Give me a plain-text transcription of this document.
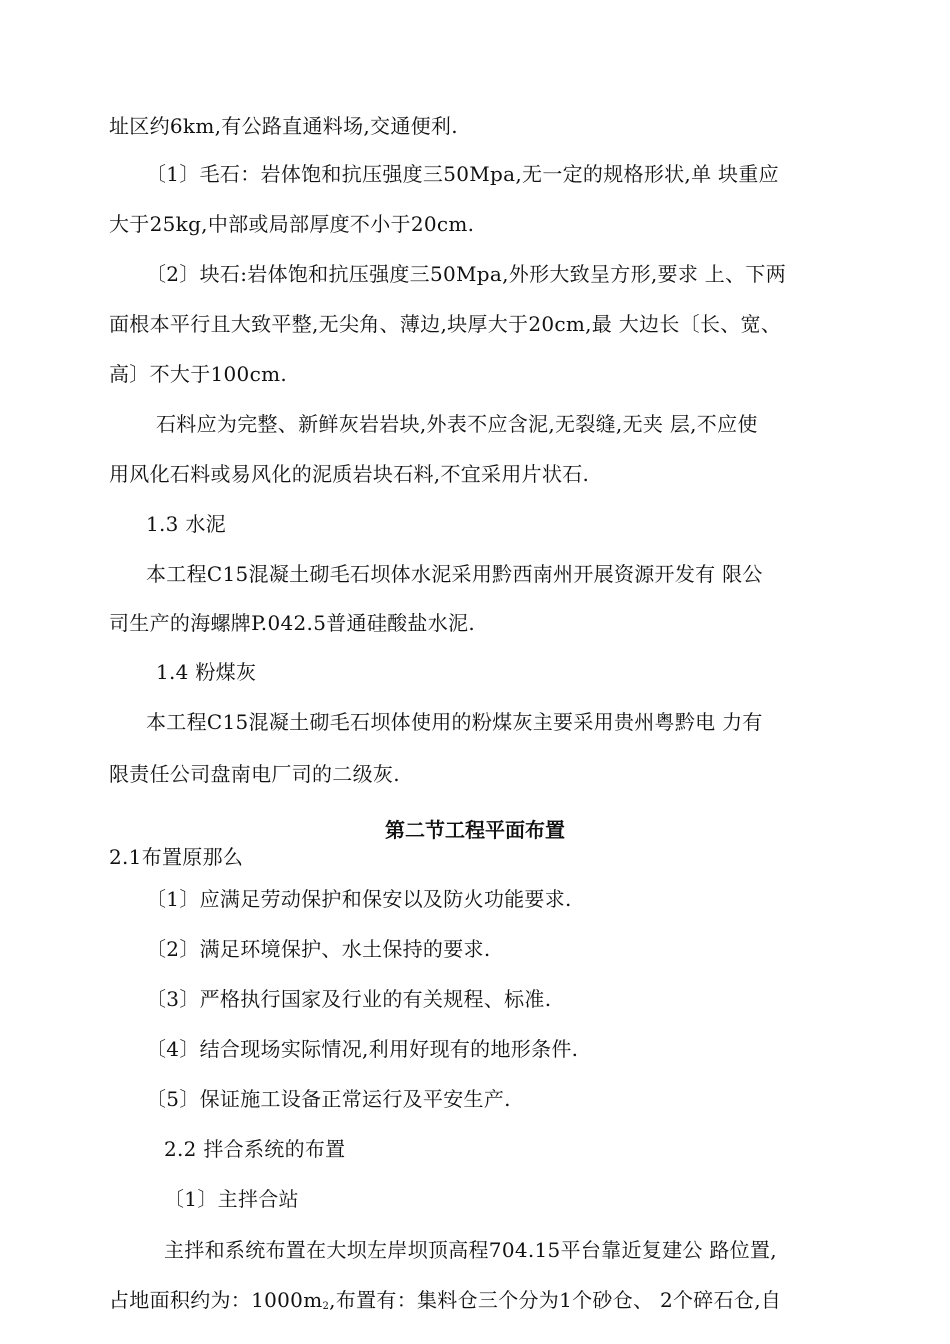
址区约6km,有公路直通料场,交通便利.
〔1〕毛石：岩体饱和抗压强度三50Mpa,无一定的规格形状,单 块重应
大于25kg,中部或局部厚度不小于20cm.
〔2〕块石:岩体饱和抗压强度三50Mpa,外形大致呈方形,要求 上、下两
面根本平行且大致平整,无尖角、薄边,块厚大于20cm,最 大边长〔长、宽、
高〕不大于100cm.
石料应为完整、新鲜灰岩岩块,外表不应含泥,无裂缝,无夹 层,不应使
用风化石料或易风化的泥质岩块石料,不宜采用片状石.
1.3 水泥
本工程C15混凝土砌毛石坝体水泥采用黔西南州开展资源开发有 限公
司生产的海螺牌P.042.5普通硅酸盐水泥.
1.4 粉煤灰
本工程C15混凝土砌毛石坝体使用的粉煤灰主要采用贵州粤黔电 力有
限责任公司盘南电厂司的二级灰.
第二节工程平面布置
2.1布置原那么
〔1〕应满足劳动保护和保安以及防火功能要求.
〔2〕满足环境保护、水土保持的要求.
〔3〕严格执行国家及行业的有关规程、标准.
〔4〕结合现场实际情况,利用好现有的地形条件.
〔5〕保证施工设备正常运行及平安生产.
2.2 拌合系统的布置
〔1〕主拌合站
主拌和系统布置在大坝左岸坝顶高程704.15平台靠近复建公 路位置,
占地面积约为：$1000m_2$,布置有：集料仓三个分为1个砂仓、 2个碎石仓,自
